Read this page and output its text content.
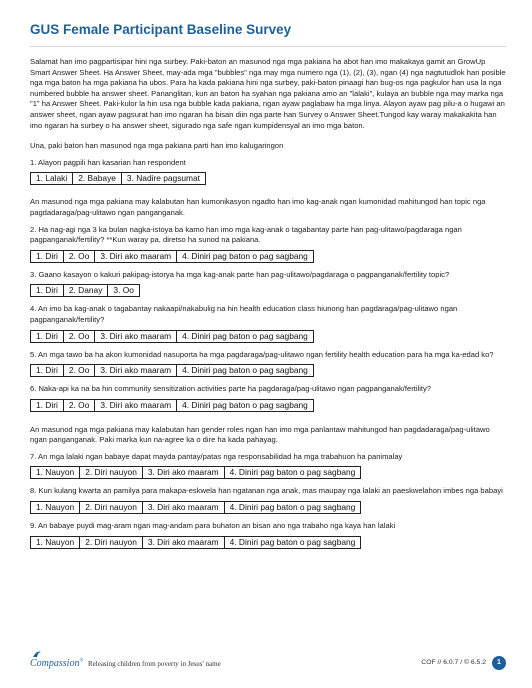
GUS Female Participant Baseline Survey

Salamat han imo pagpartisipar hini nga surbey. Paki-baton an masunod nga mga pakiana ha abot han imo makakaya gamit an GrowUp Smart Answer Sheet. Ha Answer Sheet, may-ada mga "bubbles" nga may mga numero nga (1), (2), (3), ngan (4) nga nagtutudlok han posible nga mga baton ha mga pakiana ha ubos. Para ha kada pakiana hini nga surbey, paki-baton pinaagi han bug-os nga pagkulor han usa la nga numbered bubble ha answer sheet. Pananglitan, kun an baton ha syahan nga pakiana amo an "lalaki", kulaya an bubble nga may marka nga "1" ha Answer Sheet. Paki-kulor la hin usa nga bubble kada pakiana, ngan ayaw paglabaw ha mga linya. Alayon ayaw pag pilu-a o hugawi an answer sheet, ngan ayaw pagsurat han imo ngaran ha bisan diin nga parte han Survey o Answer Sheet.Tungod kay waray makakakita han imo ngaran ha surbey o ha answer sheet, sigurado nga safe ngan kumpidensyal an imo mga baton.

Una, paki baton han masunod nga mga pakiana parti han imo kalugaringon

1. Alayon pagpili han kasarian han respondent

1. Lalaki	2. Babaye	3. Nadire pagsumat

An masunod nga mga pakiana may kalabutan han kumonikasyon ngadto han imo kag-anak ngan kumonidad mahitungod han topic nga pagdadaraga/pag-ulitawo ngan panganganak.

2. Ha nag-agi nga 3 ka bulan nagka-istoya ba kamo han imo mga kag-anak o tagabantay parte han pag-ulitawo/pagdaraga ngan pagpanganak/fertility? **Kun waray pa, diretso ha sunod na pakiana.

1. Diri	2. Oo	3. Diri ako maaram	4. Diniri pag baton o pag sagbang

3. Gaano kasayon o kakuri pakipag-istorya ha mga kag-anak parte han pag-ulitawo/pagdaraga o pagpanganak/fertility topic?

1. Diri	2. Danay	3. Oo

4. An imo ba kag-anak o tagabantay nakaapi/nakabulig na hin health education class hiunong han pagdaraga/pag-ulitawo ngan pagpanganak/fertility?

1. Diri	2. Oo	3. Diri ako maaram	4. Diniri pag baton o pag sagbang

5. An mga tawo ba ha akon kumonidad nasuporta ha mga pagdaraga/pag-ulitawo ngan fertility health education para ha mga ka-edad ko?

1. Diri	2. Oo	3. Diri ako maaram	4. Diniri pag baton o pag sagbang

6. Naka-api ka na ba hin community sensitization activities parte ha pagdaraga/pag-ulitawo ngan pagpanganak/fertility?

1. Diri	2. Oo	3. Diri ako maaram	4. Diniri pag baton o pag sagbang

An masunod nga mga pakiana may kalabutan han gender roles ngan han imo mga panlantaw mahitungod han pagdadaraga/pag-ulitawo ngan panganganak. Paki marka kun na-agree ka o dire ha kada pahayag.

7. An mga lalaki ngan babaye dapat mayda pantay/patas nga responsabilidad ha mga trabahuon ha panimalay

1. Nauyon	2. Diri nauyon	3. Diri ako maaram	4. Diniri pag baton o pag sagbang

8. Kun kulang kwarta an pamilya para makapa-eskwela han ngatanan nga anak, mas maupay nga lalaki an paeskwelahon imbes nga babayi

1. Nauyon	2. Diri nauyon	3. Diri ako maaram	4. Diniri pag baton o pag sagbang

9. An babaye puydi mag-aram ngan mag-andam para buhaton an bisan ano nga trabaho nga kaya han lalaki

1. Nauyon	2. Diri nauyon	3. Diri ako maaram	4. Diniri pag baton o pag sagbang
Compassion® Releasing children from poverty in Jesus' name	COF // 6.0.7 / © 6.5.2	1
